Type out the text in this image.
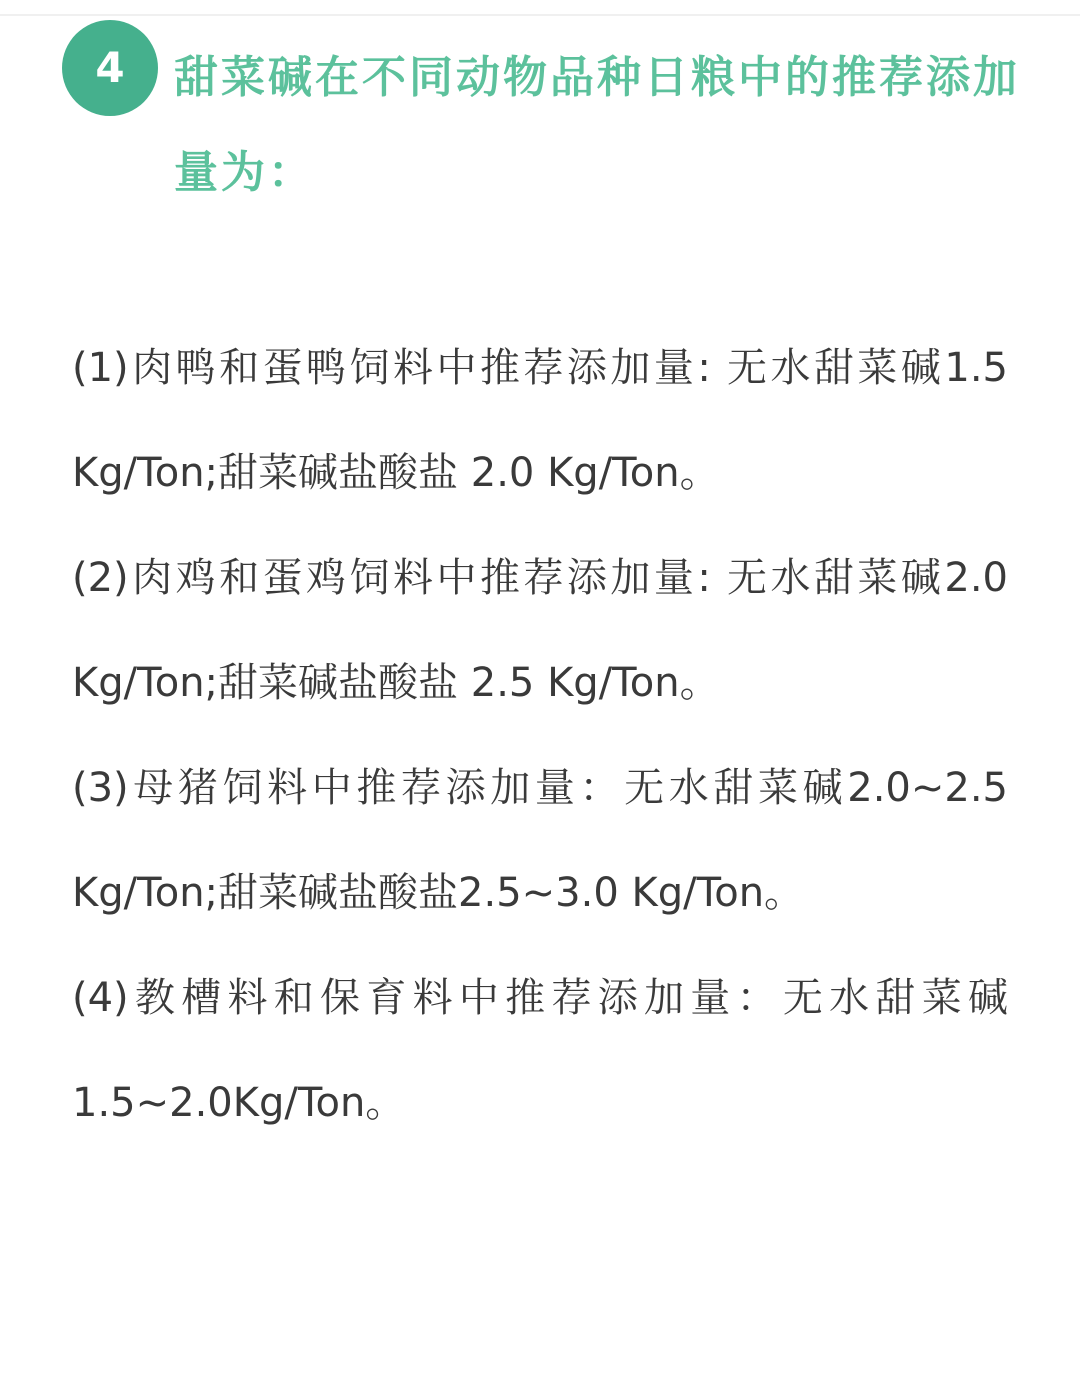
4	甜菜碱在不同动物品种日粮中的推荐添加量为：

(1)肉鸭和蛋鸭饲料中推荐添加量: 无水甜菜碱1.5 Kg/Ton;甜菜碱盐酸盐 2.0 Kg/Ton。

(2)肉鸡和蛋鸡饲料中推荐添加量: 无水甜菜碱2.0 Kg/Ton;甜菜碱盐酸盐 2.5 Kg/Ton。

(3)母猪饲料中推荐添加量：无水甜菜碱2.0~2.5 Kg/Ton;甜菜碱盐酸盐2.5~3.0 Kg/Ton。

(4)教槽料和保育料中推荐添加量：无水甜菜碱1.5~2.0Kg/Ton。
